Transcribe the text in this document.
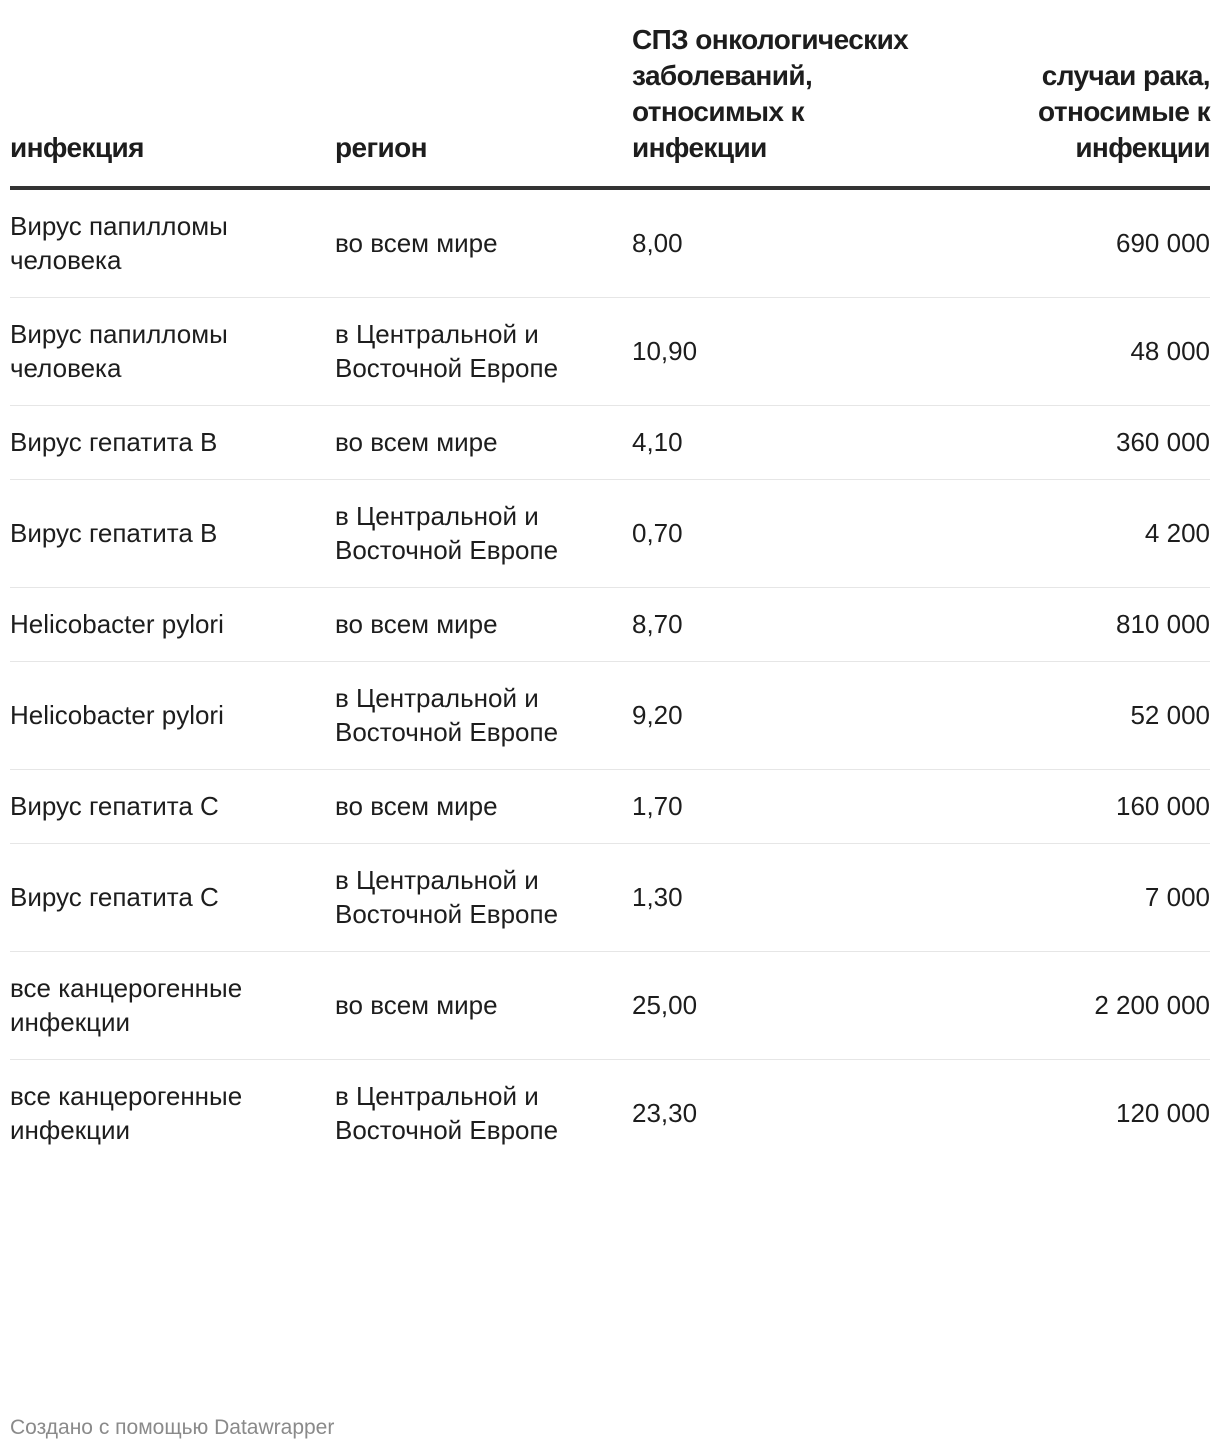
инфекция	регион	СПЗ онкологических заболеваний, относимых к инфекции	случаи рака, относимые к инфекции

Вирус папилломы человека	во всем мире	8,00	690 000
Вирус папилломы человека	в Центральной и Восточной Европе	10,90	48 000
Вирус гепатита В	во всем мире	4,10	360 000
Вирус гепатита В	в Центральной и Восточной Европе	0,70	4 200
Helicobacter pylori	во всем мире	8,70	810 000
Helicobacter pylori	в Центральной и Восточной Европе	9,20	52 000
Вирус гепатита С	во всем мире	1,70	160 000
Вирус гепатита С	в Центральной и Восточной Европе	1,30	7 000
все канцерогенные инфекции	во всем мире	25,00	2 200 000
все канцерогенные инфекции	в Центральной и Восточной Европе	23,30	120 000
Создано с помощью Datawrapper
